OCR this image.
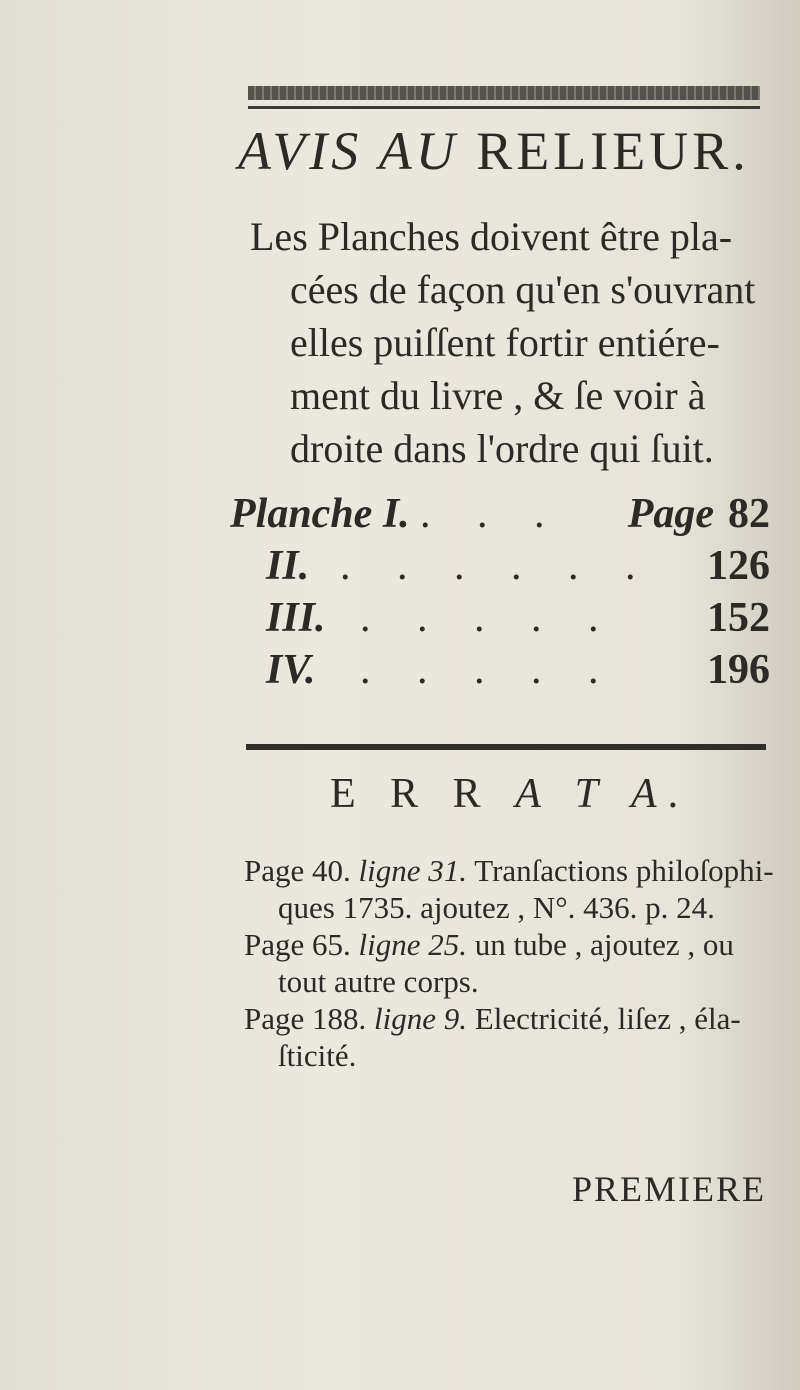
AVIS AU RELIEUR.
Les Planches doivent être pla-
cées de façon qu'en s'ouvrant
elles puiſſent fortir entiére-
ment du livre , & ſe voir à
droite dans l'ordre qui ſuit.
Planche I. . . . Page 82
II. . . . . . . 126
III. . . . . . 152
IV. . . . . . 196
E R R A T A.
Page 40. ligne 31. Tranſactions philoſophi-
ques 1735. ajoutez , N°. 436. p. 24.
Page 65. ligne 25. un tube , ajoutez , ou
tout autre corps.
Page 188. ligne 9. Electricité, liſez , éla-
ſticité.
PREMIERE
